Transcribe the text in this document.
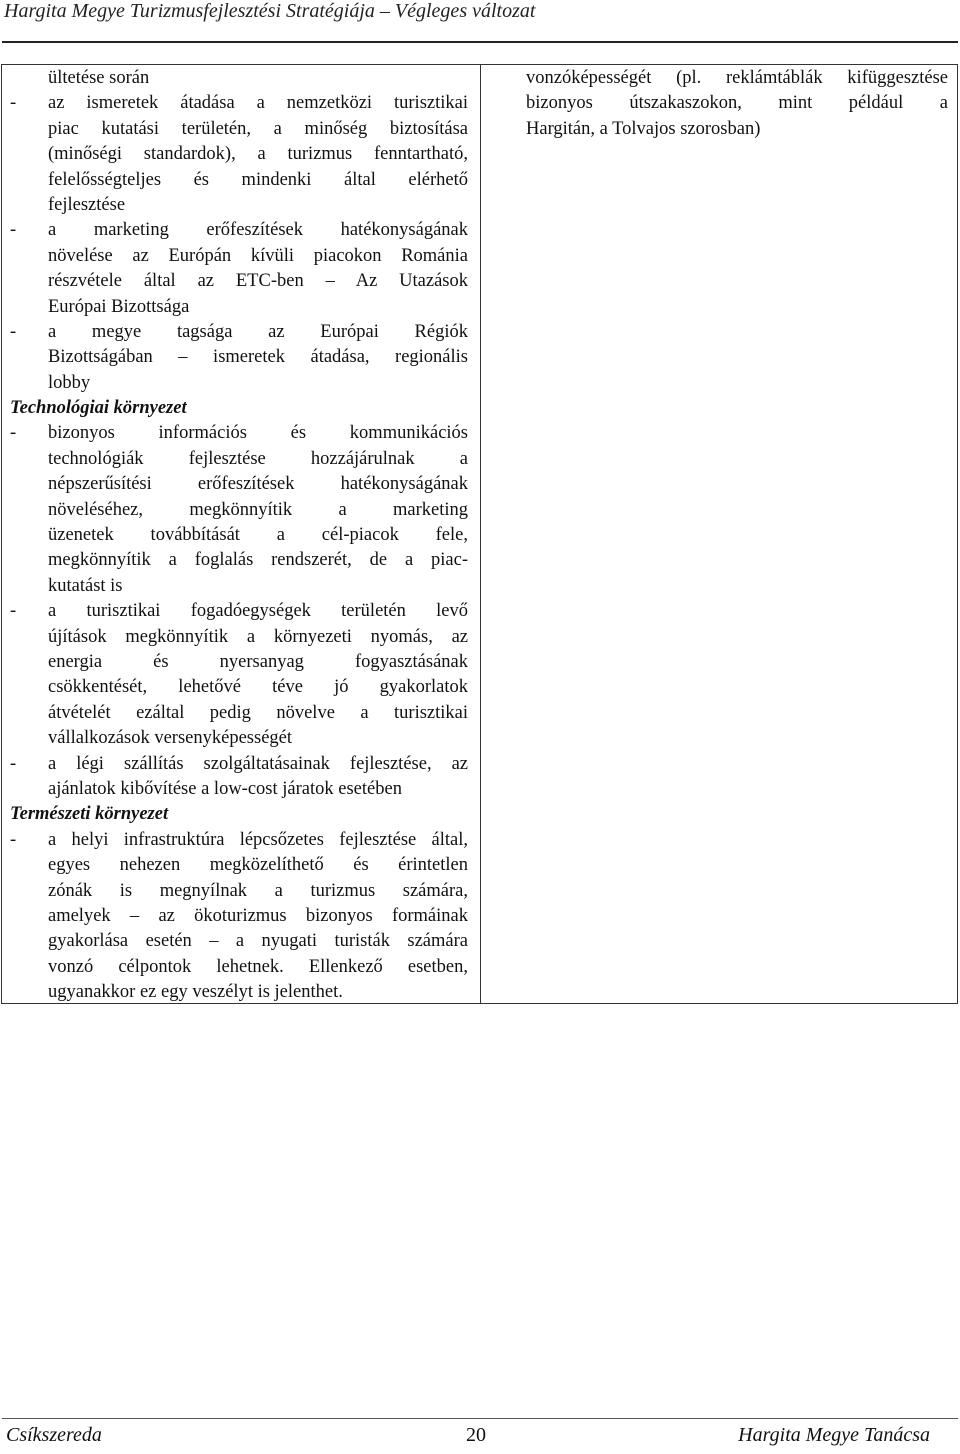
Hargita Megye Turizmusfejlesztési Stratégiája – Végleges változat
ültetése során
- az ismeretek átadása a nemzetközi turisztikai
piac kutatási területén, a minőség biztosítása
(minőségi standardok), a turizmus fenntartható,
felelősségteljes és mindenki által elérhető
fejlesztése
- a marketing erőfeszítések hatékonyságának
növelése az Európán kívüli piacokon Románia
részvétele által az ETC-ben – Az Utazások
Európai Bizottsága
- a megye tagsága az Európai Régiók
Bizottságában – ismeretek átadása, regionális
lobby
Technológiai környezet
- bizonyos információs és kommunikációs
technológiák fejlesztése hozzájárulnak a
népszerűsítési erőfeszítések hatékonyságának
növeléséhez, megkönnyítik a marketing
üzenetek továbbítását a cél-piacok fele,
megkönnyítik a foglalás rendszerét, de a piac-
kutatást is
- a turisztikai fogadóegységek területén levő
újítások megkönnyítik a környezeti nyomás, az
energia és nyersanyag fogyasztásának
csökkentését, lehetővé téve jó gyakorlatok
átvételét ezáltal pedig növelve a turisztikai
vállalkozások versenyképességét
- a légi szállítás szolgáltatásainak fejlesztése, az
ajánlatok kibővítése a low-cost járatok esetében
Természeti környezet
- a helyi infrastruktúra lépcsőzetes fejlesztése által,
egyes nehezen megközelíthető és érintetlen
zónák is megnyílnak a turizmus számára,
amelyek – az ökoturizmus bizonyos formáinak
gyakorlása esetén – a nyugati turisták számára
vonzó célpontok lehetnek. Ellenkező esetben,
ugyanakkor ez egy veszélyt is jelenthet.
vonzóképességét (pl. reklámtáblák kifüggesztése
bizonyos útszakaszokon, mint például a
Hargitán, a Tolvajos szorosban)
Csíkszereda	20	Hargita Megye Tanácsa
